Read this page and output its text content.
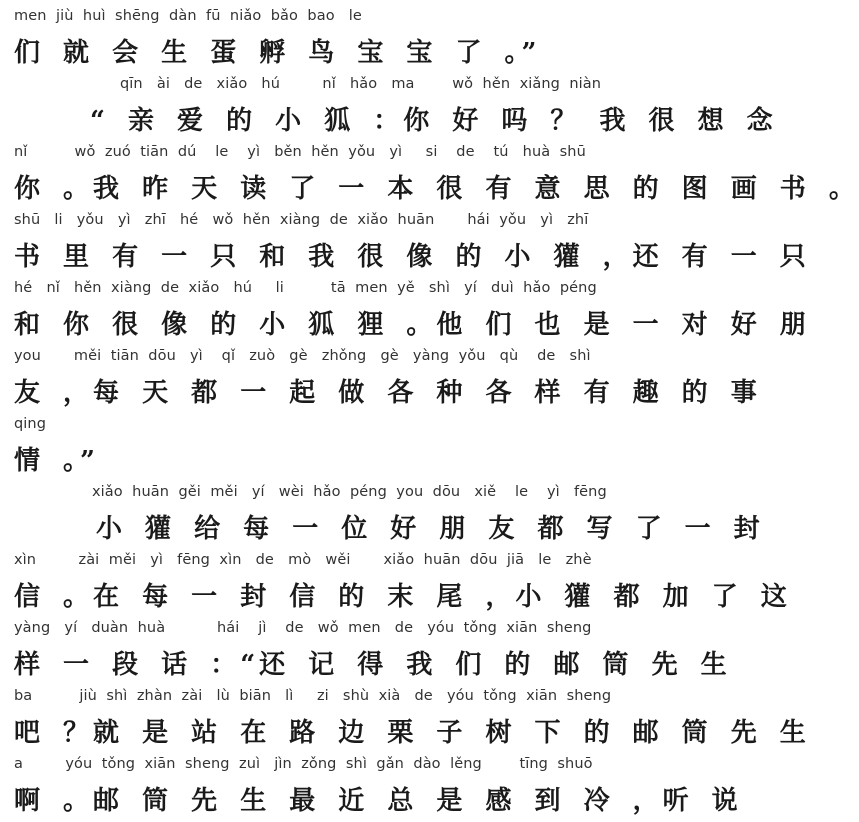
men  jiù  huì  shēng  dàn  fū  niǎo  bǎo  bao   le
们 就 会 生 蛋 孵 鸟 宝 宝 了 。”
qīn   ài   de   xiǎo   hú         nǐ   hǎo   ma        wǒ  hěn  xiǎng  niàn
“ 亲 爱 的 小 狐 ：你 好 吗 ？ 我 很 想 念
nǐ          wǒ  zuó  tiān  dú    le    yì   běn  hěn  yǒu   yì     si    de    tú   huà  shū
你 。我 昨 天 读 了 一 本 很 有 意 思 的 图 画 书 。
shū   li   yǒu   yì   zhī   hé   wǒ  hěn  xiàng  de  xiǎo  huān       hái  yǒu   yì   zhī
书 里 有 一 只 和 我 很 像 的 小 獾 ，还 有 一 只
hé   nǐ   hěn  xiàng  de  xiǎo   hú     li          tā  men  yě   shì   yí   duì  hǎo  péng
和 你 很 像 的 小 狐 狸 。他 们 也 是 一 对 好 朋
you       měi  tiān  dōu   yì    qǐ   zuò   gè   zhǒng   gè   yàng  yǒu   qù    de   shì
友 ，每 天 都 一 起 做 各 种 各 样 有 趣 的 事
qing
情 。”
xiǎo  huān  gěi  měi   yí   wèi  hǎo  péng  you  dōu   xiě    le    yì   fēng
小 獾 给 每 一 位 好 朋 友 都 写 了 一 封
xìn         zài  měi   yì   fēng  xìn   de   mò   wěi       xiǎo  huān  dōu  jiā   le   zhè
信 。在 每 一 封 信 的 末 尾 ，小 獾 都 加 了 这
yàng   yí   duàn  huà           hái    jì    de   wǒ  men   de   yóu  tǒng  xiān  sheng
样 一 段 话 ：“还 记 得 我 们 的 邮 筒 先 生
ba          jiù  shì  zhàn  zài   lù  biān   lì     zi   shù  xià   de   yóu  tǒng  xiān  sheng
吧 ？就 是 站 在 路 边 栗 子 树 下 的 邮 筒 先 生
a         yóu  tǒng  xiān  sheng  zuì   jìn  zǒng  shì  gǎn  dào  lěng        tīng  shuō
啊 。邮 筒 先 生 最 近 总 是 感 到 冷 ，听 说
